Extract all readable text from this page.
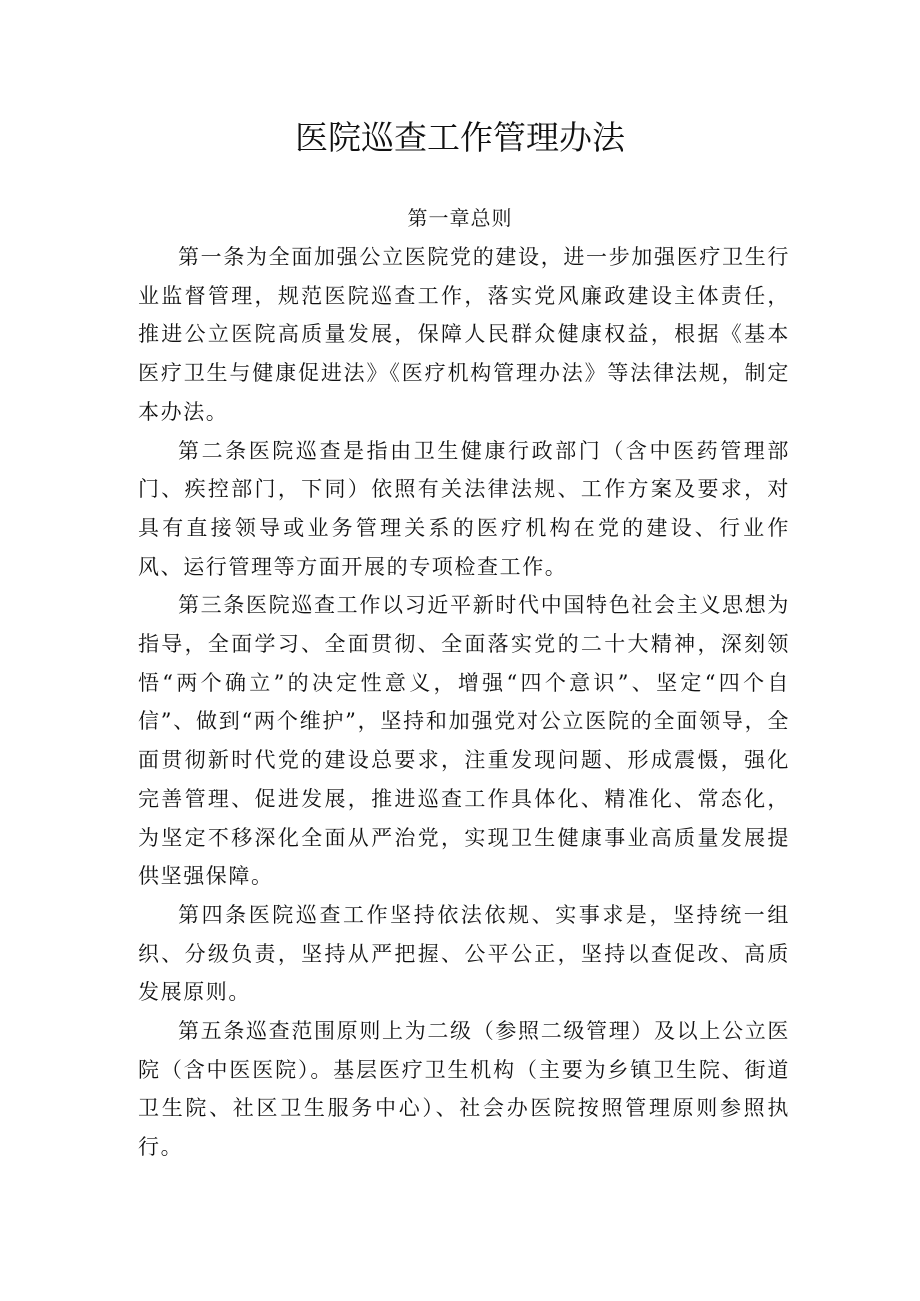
医院巡查工作管理办法
第一章总则

第一条为全面加强公立医院党的建设，进一步加强医疗卫生行业监督管理，规范医院巡查工作，落实党风廉政建设主体责任，推进公立医院高质量发展，保障人民群众健康权益，根据《基本医疗卫生与健康促进法》《医疗机构管理办法》等法律法规，制定本办法。

第二条医院巡查是指由卫生健康行政部门（含中医药管理部门、疾控部门，下同）依照有关法律法规、工作方案及要求，对具有直接领导或业务管理关系的医疗机构在党的建设、行业作风、运行管理等方面开展的专项检查工作。

第三条医院巡查工作以习近平新时代中国特色社会主义思想为指导，全面学习、全面贯彻、全面落实党的二十大精神，深刻领悟“两个确立”的决定性意义，增强“四个意识”、坚定“四个自信”、做到“两个维护”，坚持和加强党对公立医院的全面领导，全面贯彻新时代党的建设总要求，注重发现问题、形成震慑，强化完善管理、促进发展，推进巡查工作具体化、精准化、常态化，为坚定不移深化全面从严治党，实现卫生健康事业高质量发展提供坚强保障。

第四条医院巡查工作坚持依法依规、实事求是，坚持统一组织、分级负责，坚持从严把握、公平公正，坚持以查促改、高质发展原则。

第五条巡查范围原则上为二级（参照二级管理）及以上公立医院（含中医医院）。基层医疗卫生机构（主要为乡镇卫生院、街道卫生院、社区卫生服务中心）、社会办医院按照管理原则参照执行。
